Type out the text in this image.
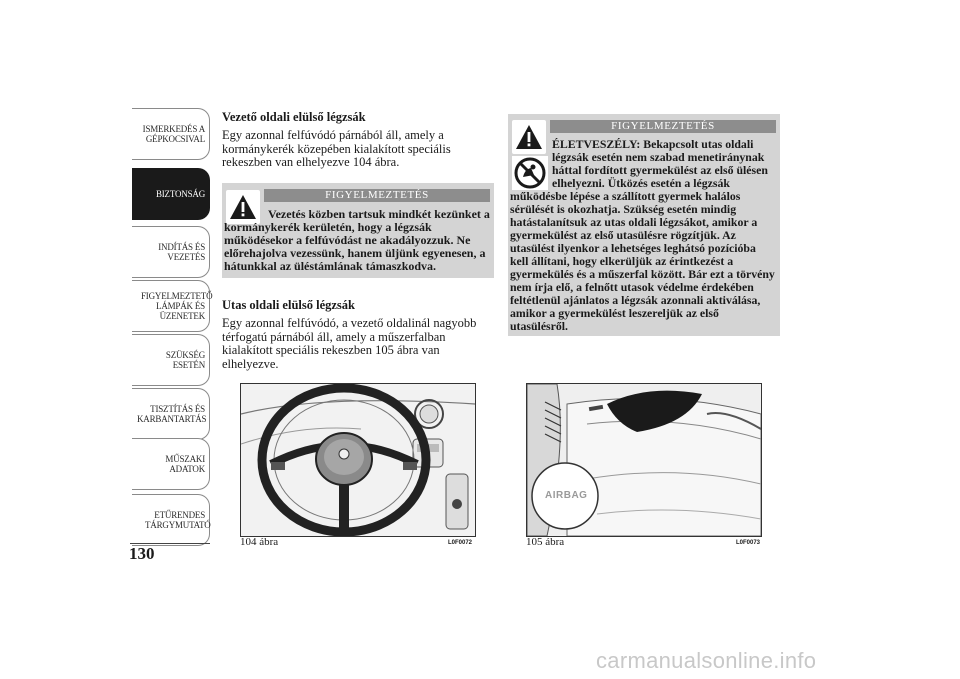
ISMERKEDÉS A GÉPKOCSIVAL
BIZTONSÁG
INDÍTÁS ÉS VEZETÉS
FIGYELMEZTETŐ LÁMPÁK ÉS ÜZENETEK
SZÜKSÉG ESETÉN
TISZTÍTÁS ÉS KARBANTARTÁS
MŰSZAKI ADATOK
ETŰRENDES TÁRGYMUTATÓ
130

Vezető oldali elülső légzsák

Egy azonnal felfúvódó párnából áll, amely a kormánykerék közepében kialakított speciális rekeszben van elhelyezve 104 ábra.

FIGYELMEZTETÉS
Vezetés közben tartsuk mindkét kezünket a kormánykerék kerületén, hogy a légzsák működésekor a felfúvódást ne akadályozzuk. Ne előrehajolva vezessünk, hanem üljünk egyenesen, a hátunkkal az üléstámlának támaszkodva.

Utas oldali elülső légzsák

Egy azonnal felfúvódó, a vezető oldalinál nagyobb térfogatú párnából áll, amely a műszerfalban kialakított speciális rekeszben 105 ábra van elhelyezve.

FIGYELMEZTETÉS
ÉLETVESZÉLY: Bekapcsolt utas oldali légzsák esetén nem szabad menetiránynak háttal fordított gyermekülést az első ülésen elhelyezni. Ütközés esetén a légzsák működésbe lépése a szállított gyermek halálos sérülését is okozhatja. Szükség esetén mindig hatástalanítsuk az utas oldali légzsákot, amikor a gyermekülést az első utasülésre rögzítjük. Az utasülést ilyenkor a lehetséges leghátsó pozícióba kell állítani, hogy elkerüljük az érintkezést a gyermekülés és a műszerfal között. Bár ezt a törvény nem írja elő, a felnőtt utasok védelme érdekében feltétlenül ajánlatos a légzsák azonnali aktiválása, amikor a gyermekülést leszereljük az első utasülésről.
104 ábra	L0F0072
AIRBAG
105 ábra	L0F0073
carmanualsonline.info
